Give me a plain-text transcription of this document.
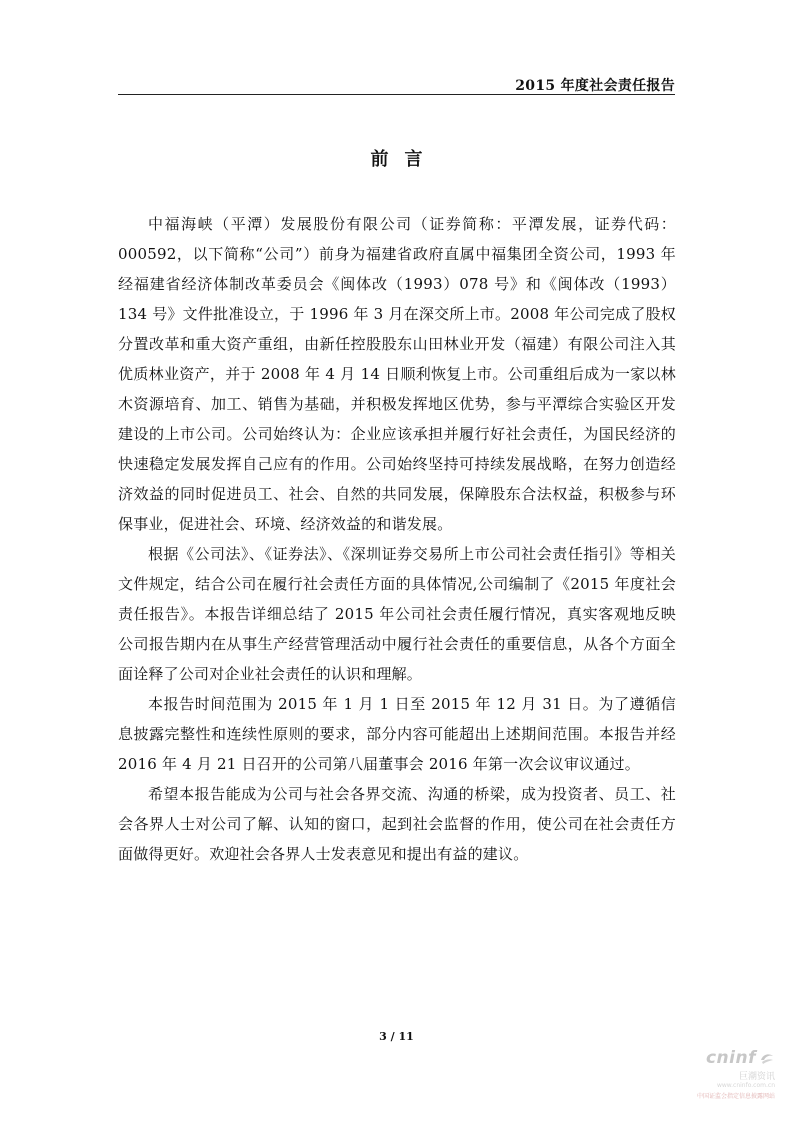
2015 年度社会责任报告
前言

中福海峡（平潭）发展股份有限公司（证券简称：平潭发展，证券代码：000592，以下简称“公司”）前身为福建省政府直属中福集团全资公司，1993 年经福建省经济体制改革委员会《闽体改（1993）078 号》和《闽体改（1993）134 号》文件批准设立，于 1996 年 3 月在深交所上市。2008 年公司完成了股权分置改革和重大资产重组，由新任控股股东山田林业开发（福建）有限公司注入其优质林业资产，并于 2008 年 4 月 14 日顺利恢复上市。公司重组后成为一家以林木资源培育、加工、销售为基础，并积极发挥地区优势，参与平潭综合实验区开发建设的上市公司。公司始终认为：企业应该承担并履行好社会责任，为国民经济的快速稳定发展发挥自己应有的作用。公司始终坚持可持续发展战略，在努力创造经济效益的同时促进员工、社会、自然的共同发展，保障股东合法权益，积极参与环保事业，促进社会、环境、经济效益的和谐发展。

根据《公司法》、《证券法》、《深圳证券交易所上市公司社会责任指引》等相关文件规定，结合公司在履行社会责任方面的具体情况,公司编制了《2015 年度社会责任报告》。本报告详细总结了 2015 年公司社会责任履行情况，真实客观地反映公司报告期内在从事生产经营管理活动中履行社会责任的重要信息，从各个方面全面诠释了公司对企业社会责任的认识和理解。

本报告时间范围为 2015 年 1 月 1 日至 2015 年 12 月 31 日。为了遵循信息披露完整性和连续性原则的要求，部分内容可能超出上述期间范围。本报告并经 2016 年 4 月 21 日召开的公司第八届董事会 2016 年第一次会议审议通过。

希望本报告能成为公司与社会各界交流、沟通的桥梁，成为投资者、员工、社会各界人士对公司了解、认知的窗口，起到社会监督的作用，使公司在社会责任方面做得更好。欢迎社会各界人士发表意见和提出有益的建议。

3 / 11
cninf
巨潮资讯
www.cninfo.com.cn
中国证监会指定信息披露网站
